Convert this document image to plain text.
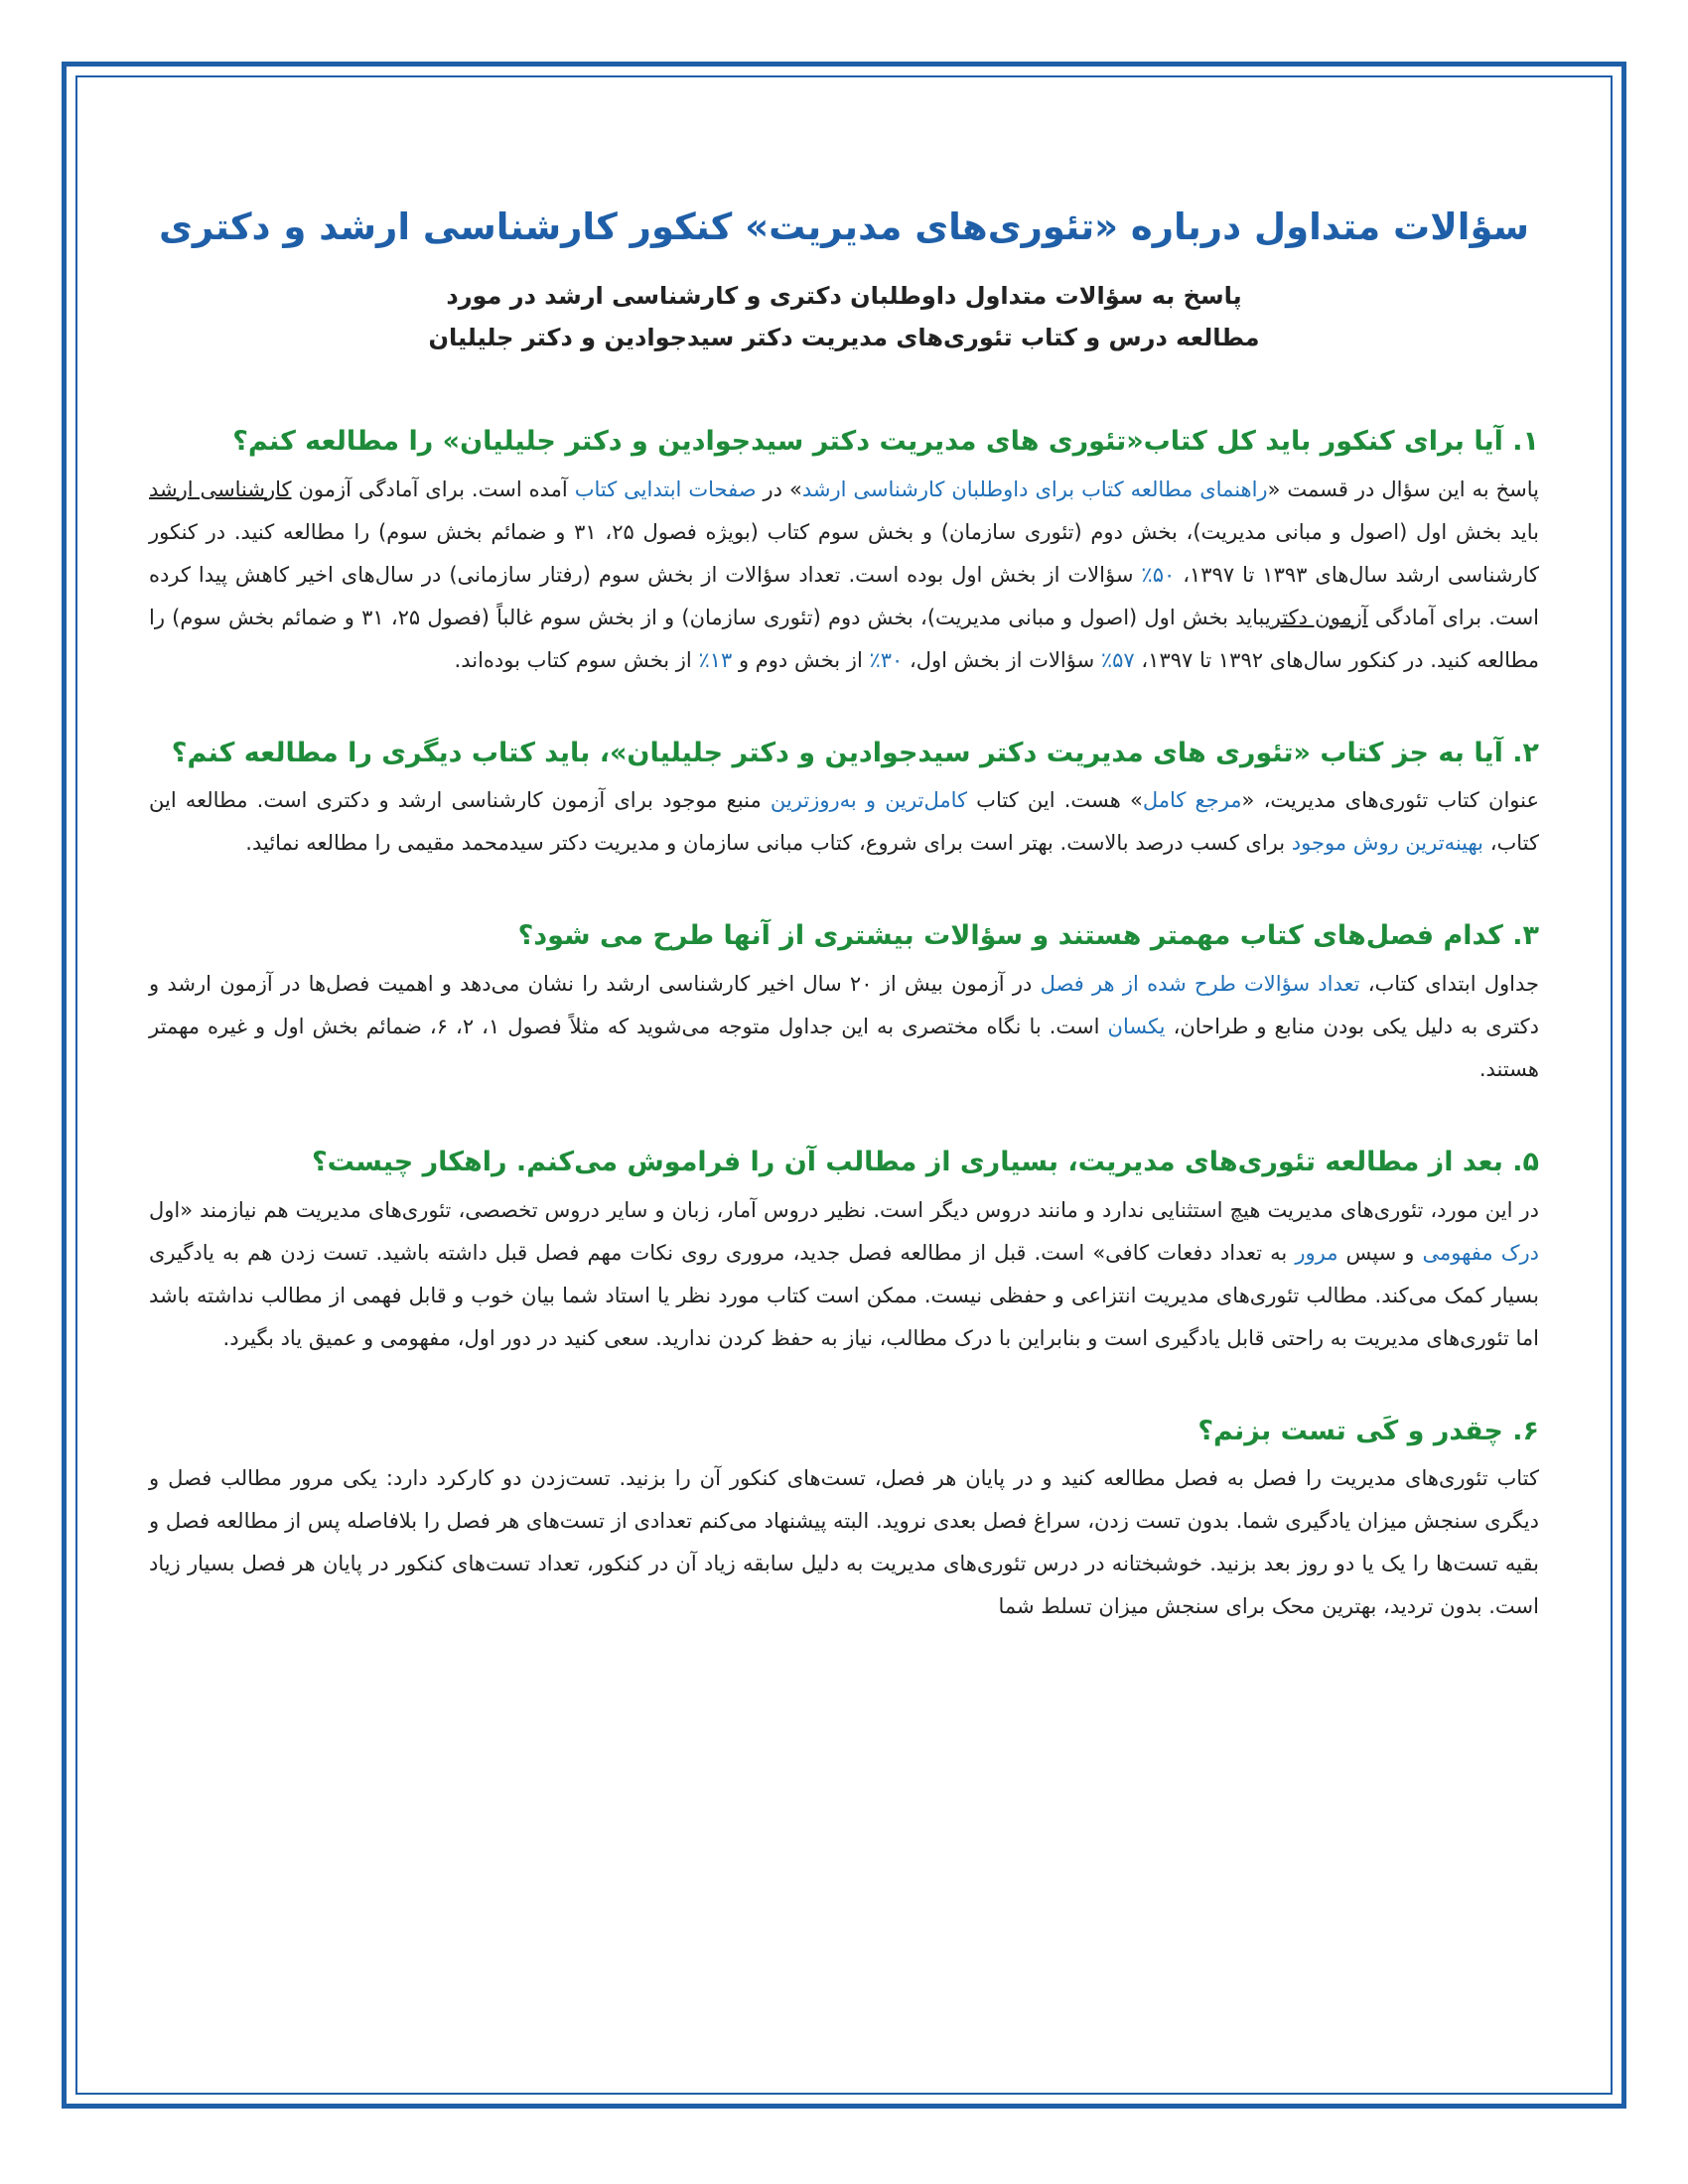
سؤالات متداول درباره «تئوری‌های مدیریت» کنکور کارشناسی ارشد و دکتری

پاسخ به سؤالات متداول داوطلبان دکتری و کارشناسی ارشد در مورد

مطالعه درس و کتاب تئوری‌های مدیریت دکتر سیدجوادین و دکتر جلیلیان

۱. آیا برای کنکور باید کل کتاب«تئوری های مدیریت دکتر سیدجوادین و دکتر جلیلیان» را مطالعه کنم؟

پاسخ به این سؤال در قسمت «راهنمای مطالعه کتاب برای داوطلبان کارشناسی ارشد» در صفحات ابتدایی کتاب آمده است. برای آمادگی آزمون کارشناسی ارشد باید بخش اول (اصول و مبانی مدیریت)، بخش دوم (تئوری سازمان) و بخش سوم کتاب (بویژه فصول ۲۵، ۳۱ و ضمائم بخش سوم) را مطالعه کنید. در کنکور کارشناسی ارشد سال‌های ۱۳۹۳ تا ۱۳۹۷، ۵۰٪ سؤالات از بخش اول بوده است. تعداد سؤالات از بخش سوم (رفتار سازمانی) در سال‌های اخیر کاهش پیدا کرده است. برای آمادگی آزمون دکتریباید بخش اول (اصول و مبانی مدیریت)، بخش دوم (تئوری سازمان) و از بخش سوم غالباً (فصول ۲۵، ۳۱ و ضمائم بخش سوم) را مطالعه کنید. در کنکور سال‌های ۱۳۹۲ تا ۱۳۹۷، ۵۷٪ سؤالات از بخش اول، ۳۰٪ از بخش دوم و ۱۳٪ از بخش سوم کتاب بوده‌اند.

۲. آیا به جز کتاب «تئوری های مدیریت دکتر سیدجوادین و دکتر جلیلیان»، باید کتاب دیگری را مطالعه کنم؟

عنوان کتاب تئوری‌های مدیریت، «مرجع کامل» هست. این کتاب کامل‌ترین و به‌روزترین منبع موجود برای آزمون کارشناسی ارشد و دکتری است. مطالعه این کتاب، بهینه‌ترین روش موجود برای کسب درصد بالاست. بهتر است برای شروع، کتاب مبانی سازمان و مدیریت دکتر سیدمحمد مقیمی را مطالعه نمائید.

۳. کدام فصل‌های کتاب مهمتر هستند و سؤالات بیشتری از آنها طرح می شود؟

جداول ابتدای کتاب، تعداد سؤالات طرح شده از هر فصل در آزمون بیش از ۲۰ سال اخیر کارشناسی ارشد را نشان می‌دهد و اهمیت فصل‌ها در آزمون ارشد و دکتری به دلیل یکی بودن منابع و طراحان، یکسان است. با نگاه مختصری به این جداول متوجه می‌شوید که مثلاً فصول ۱، ۲، ۶، ضمائم بخش اول و غیره مهمتر هستند.

۵. بعد از مطالعه تئوری‌های مدیریت، بسیاری از مطالب آن را فراموش می‌کنم. راهکار چیست؟

در این مورد، تئوری‌های مدیریت هیچ استثنایی ندارد و مانند دروس دیگر است. نظیر دروس آمار، زبان و سایر دروس تخصصی، تئوری‌های مدیریت هم نیازمند «اول درک مفهومی و سپس مرور به تعداد دفعات کافی» است. قبل از مطالعه فصل جدید، مروری روی نکات مهم فصل قبل داشته باشید. تست زدن هم به یادگیری بسیار کمک می‌کند. مطالب تئوری‌های مدیریت انتزاعی و حفظی نیست. ممکن است کتاب مورد نظر یا استاد شما بیان خوب و قابل فهمی از مطالب نداشته باشد اما تئوری‌های مدیریت به راحتی قابل یادگیری است و بنابراین با درک مطالب، نیاز به حفظ کردن ندارید. سعی کنید در دور اول، مفهومی و عمیق یاد بگیرد.

۶. چقدر و کَی تست بزنم؟

کتاب تئوری‌های مدیریت را فصل به فصل مطالعه کنید و در پایان هر فصل، تست‌های کنکور آن را بزنید. تست‌زدن دو کارکرد دارد: یکی مرور مطالب فصل و دیگری سنجش میزان یادگیری شما. بدون تست زدن، سراغ فصل بعدی نروید. البته پیشنهاد می‌کنم تعدادی از تست‌های هر فصل را بلافاصله پس از مطالعه فصل و بقیه تست‌ها را یک یا دو روز بعد بزنید. خوشبختانه در درس تئوری‌های مدیریت به دلیل سابقه زیاد آن در کنکور، تعداد تست‌های کنکور در پایان هر فصل بسیار زیاد است. بدون تردید، بهترین محک برای سنجش میزان تسلط شما
